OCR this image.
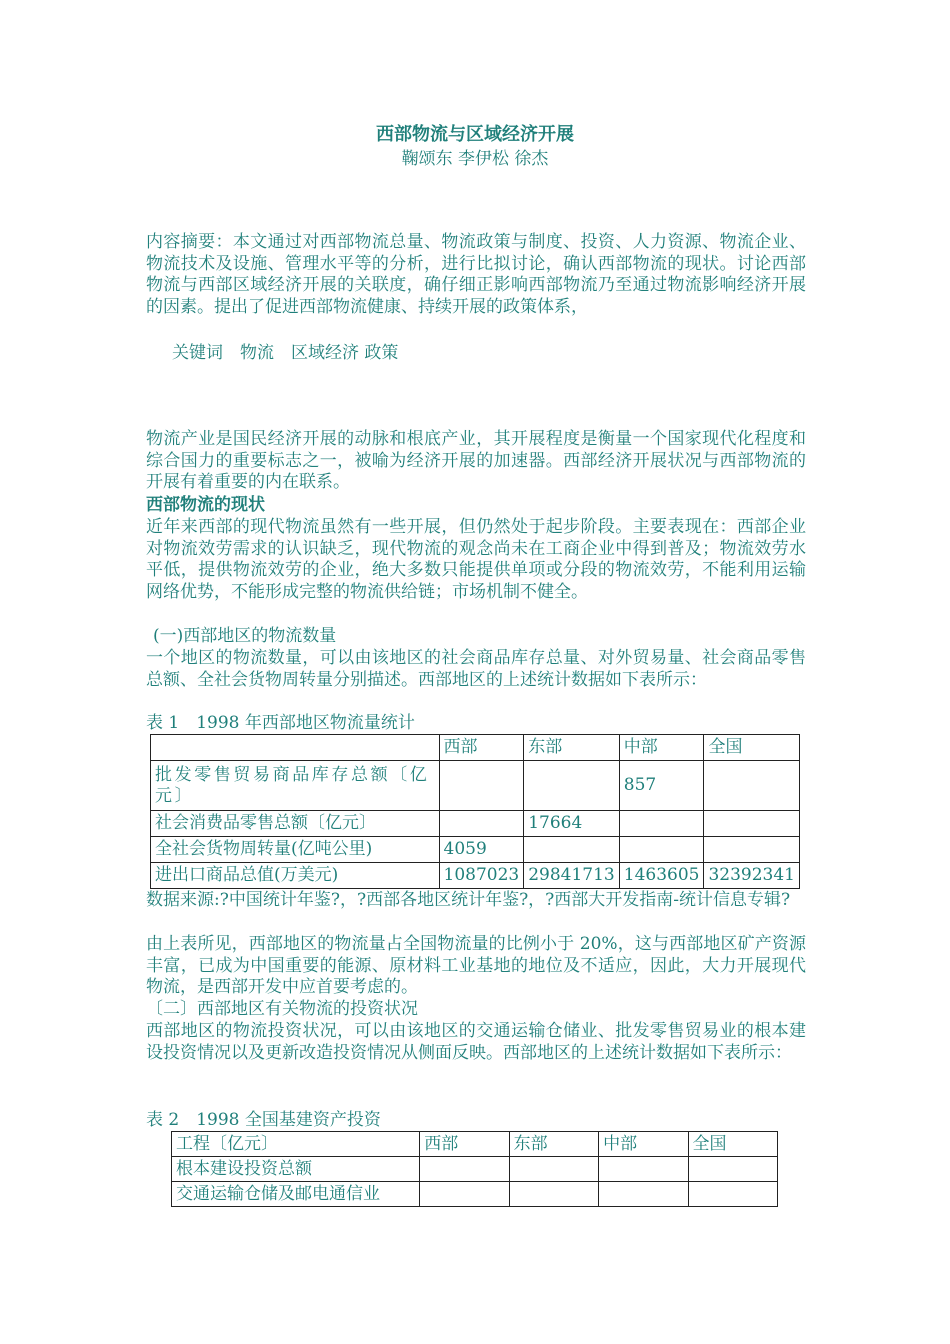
西部物流与区域经济开展
鞠颂东 李伊松 徐杰

内容摘要：本文通过对西部物流总量、物流政策与制度、投资、人力资源、物流企业、物流技术及设施、管理水平等的分析，进行比拟讨论，确认西部物流的现状。讨论西部物流与西部区域经济开展的关联度，确仔细正影响西部物流乃至通过物流影响经济开展的因素。提出了促进西部物流健康、持续开展的政策体系，

关键词　物流　区域经济 政策

物流产业是国民经济开展的动脉和根底产业，其开展程度是衡量一个国家现代化程度和综合国力的重要标志之一，被喻为经济开展的加速器。西部经济开展状况与西部物流的开展有着重要的内在联系。

西部物流的现状

近年来西部的现代物流虽然有一些开展，但仍然处于起步阶段。主要表现在：西部企业对物流效劳需求的认识缺乏，现代物流的观念尚未在工商企业中得到普及；物流效劳水平低，提供物流效劳的企业，绝大多数只能提供单项或分段的物流效劳，不能利用运输网络优势，不能形成完整的物流供给链；市场机制不健全。

(一)西部地区的物流数量

一个地区的物流数量，可以由该地区的社会商品库存总量、对外贸易量、社会商品零售总额、全社会货物周转量分别描述。西部地区的上述统计数据如下表所示：

表 1　1998 年西部地区物流量统计
	西部	东部	中部	全国
批发零售贸易商品库存总额〔亿元〕			857	
社会消费品零售总额〔亿元〕		17664		
全社会货物周转量(亿吨公里)	4059			
进出口商品总值(万美元)	1087023	29841713	1463605	32392341

数据来源:?中国统计年鉴?，?西部各地区统计年鉴?，?西部大开发指南-统计信息专辑?

由上表所见，西部地区的物流量占全国物流量的比例小于 20%，这与西部地区矿产资源丰富，已成为中国重要的能源、原材料工业基地的地位及不适应，因此，大力开展现代物流，是西部开发中应首要考虑的。

〔二〕西部地区有关物流的投资状况

西部地区的物流投资状况，可以由该地区的交通运输仓储业、批发零售贸易业的根本建设投资情况以及更新改造投资情况从侧面反映。西部地区的上述统计数据如下表所示：

表 2　1998 全国基建资产投资
工程〔亿元〕	西部	东部	中部	全国
根本建设投资总额				
交通运输仓储及邮电通信业				
